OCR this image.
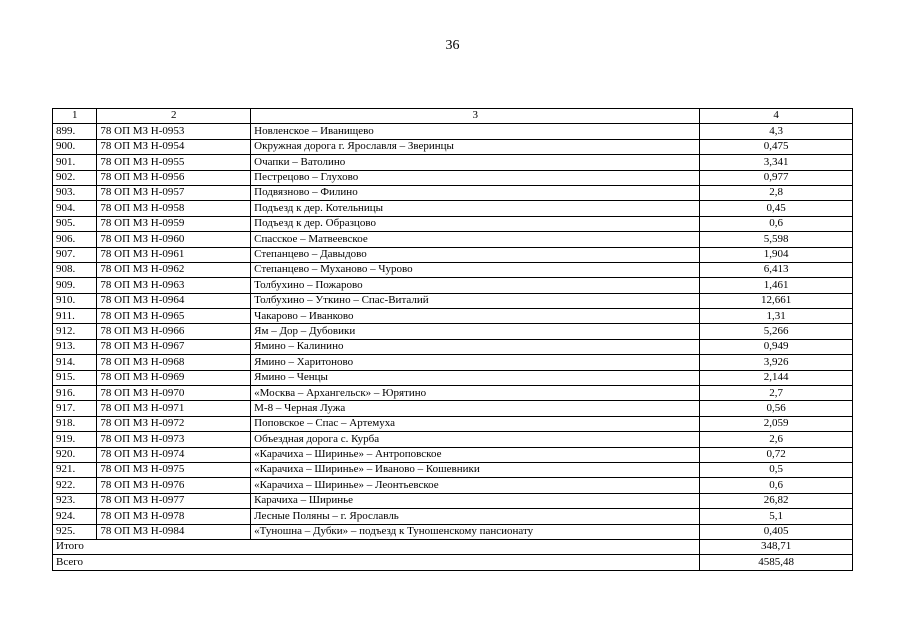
36
1	2	3	4
899.	78 ОП МЗ Н-0953	Новленское – Иванищево	4,3
900.	78 ОП МЗ Н-0954	Окружная дорога г. Ярославля – Зверинцы	0,475
901.	78 ОП МЗ Н-0955	Очапки – Ватолино	3,341
902.	78 ОП МЗ Н-0956	Пестрецово – Глухово	0,977
903.	78 ОП МЗ Н-0957	Подвязново – Филино	2,8
904.	78 ОП МЗ Н-0958	Подъезд к дер. Котельницы	0,45
905.	78 ОП МЗ Н-0959	Подъезд к дер. Образцово	0,6
906.	78 ОП МЗ Н-0960	Спасское – Матвеевское	5,598
907.	78 ОП МЗ Н-0961	Степанцево – Давыдово	1,904
908.	78 ОП МЗ Н-0962	Степанцево – Муханово – Чурово	6,413
909.	78 ОП МЗ Н-0963	Толбухино – Пожарово	1,461
910.	78 ОП МЗ Н-0964	Толбухино – Уткино – Спас-Виталий	12,661
911.	78 ОП МЗ Н-0965	Чакарово – Иванково	1,31
912.	78 ОП МЗ Н-0966	Ям – Дор – Дубовики	5,266
913.	78 ОП МЗ Н-0967	Ямино – Калинино	0,949
914.	78 ОП МЗ Н-0968	Ямино – Харитоново	3,926
915.	78 ОП МЗ Н-0969	Ямино – Ченцы	2,144
916.	78 ОП МЗ Н-0970	«Москва – Архангельск» – Юрятино	2,7
917.	78 ОП МЗ Н-0971	М-8 – Черная Лужа	0,56
918.	78 ОП МЗ Н-0972	Поповское – Спас – Артемуха	2,059
919.	78 ОП МЗ Н-0973	Объездная дорога с. Курба	2,6
920.	78 ОП МЗ Н-0974	«Карачиха – Ширинье» – Антроповское	0,72
921.	78 ОП МЗ Н-0975	«Карачиха – Ширинье» – Иваново – Кошевники	0,5
922.	78 ОП МЗ Н-0976	«Карачиха – Ширинье» – Леонтьевское	0,6
923.	78 ОП МЗ Н-0977	Карачиха – Ширинье	26,82
924.	78 ОП МЗ Н-0978	Лесные Поляны – г. Ярославль	5,1
925.	78 ОП МЗ Н-0984	«Туношна – Дубки» – подъезд к Туношенскому пансионату	0,405
Итого			348,71
Всего			4585,48
